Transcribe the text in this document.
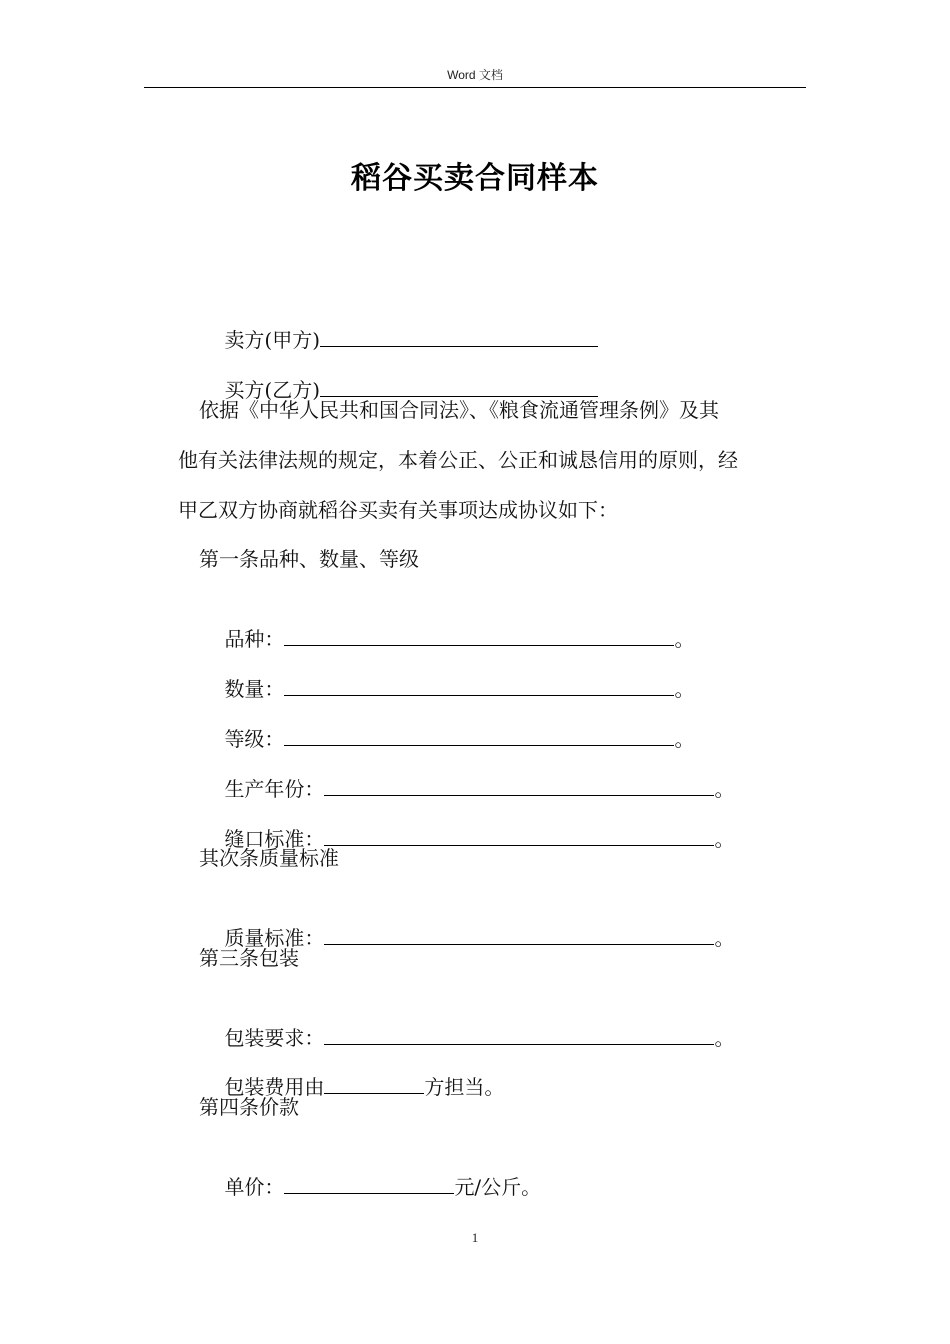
Word 文档
稻谷买卖合同样本

卖方(甲方)

买方(乙方)

依据《中华人民共和国合同法》、《粮食流通管理条例》及其
他有关法律法规的规定，本着公正、公正和诚恳信用的原则，经
甲乙双方协商就稻谷买卖有关事项达成协议如下：
第一条品种、数量、等级

品种：	。

数量：	。

等级：	。

生产年份：	。

缝口标准：	。

其次条质量标准

质量标准：	。

第三条包装

包装要求：	。

包装费用由	方担当。

第四条价款

单价：	元/公斤。

1
